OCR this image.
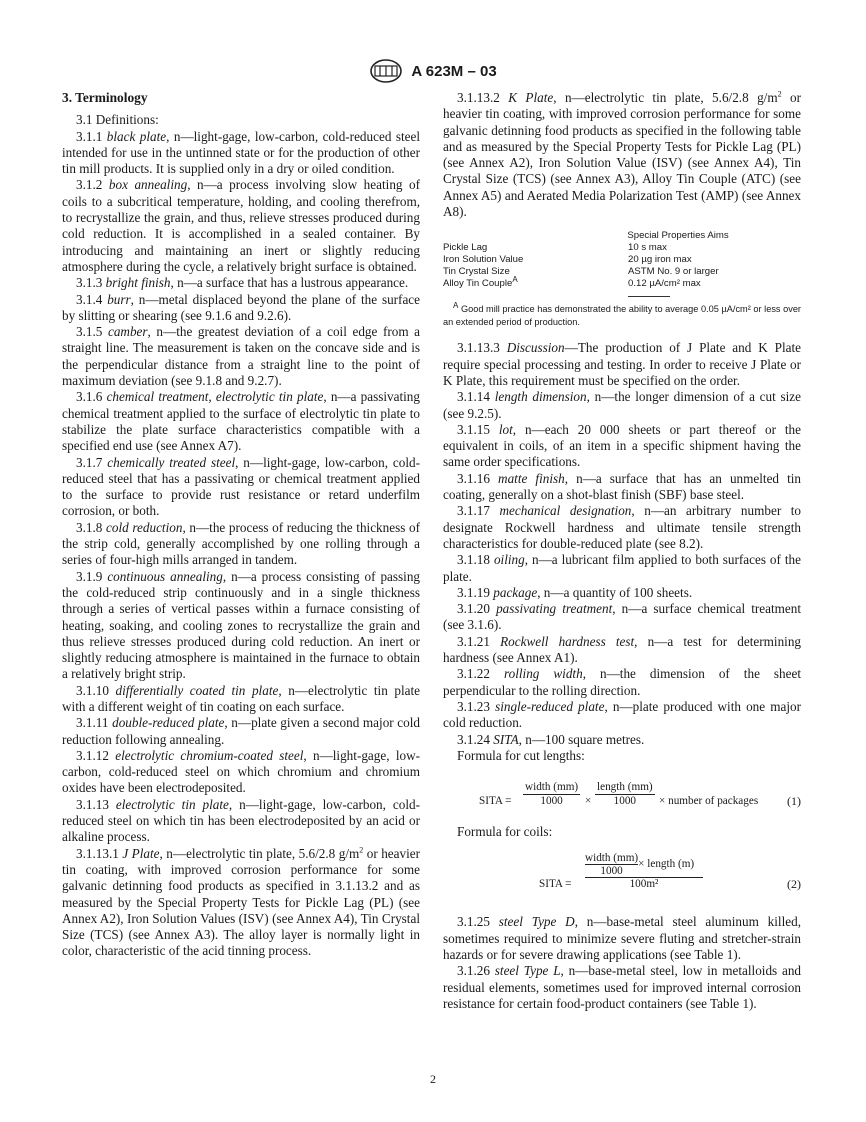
A 623M – 03
3. Terminology

3.1 Definitions:

3.1.1 black plate, n—light-gage, low-carbon, cold-reduced steel intended for use in the untinned state or for the production of other tin mill products. It is supplied only in a dry or oiled condition.

3.1.2 box annealing, n—a process involving slow heating of coils to a subcritical temperature, holding, and cooling therefrom, to recrystallize the grain, and thus, relieve stresses produced during cold reduction. It is accomplished in a sealed container. By introducing and maintaining an inert or slightly reducing atmosphere during the cycle, a relatively bright surface is obtained.

3.1.3 bright finish, n—a surface that has a lustrous appearance.

3.1.4 burr, n—metal displaced beyond the plane of the surface by slitting or shearing (see 9.1.6 and 9.2.6).

3.1.5 camber, n—the greatest deviation of a coil edge from a straight line. The measurement is taken on the concave side and is the perpendicular distance from a straight line to the point of maximum deviation (see 9.1.8 and 9.2.7).

3.1.6 chemical treatment, electrolytic tin plate, n—a passivating chemical treatment applied to the surface of electrolytic tin plate to stabilize the plate surface characteristics compatible with a specified end use (see Annex A7).

3.1.7 chemically treated steel, n—light-gage, low-carbon, cold-reduced steel that has a passivating or chemical treatment applied to the surface to provide rust resistance or retard underfilm corrosion, or both.

3.1.8 cold reduction, n—the process of reducing the thickness of the strip cold, generally accomplished by one rolling through a series of four-high mills arranged in tandem.

3.1.9 continuous annealing, n—a process consisting of passing the cold-reduced strip continuously and in a single thickness through a series of vertical passes within a furnace consisting of heating, soaking, and cooling zones to recrystallize the grain and thus relieve stresses produced during cold reduction. An inert or slightly reducing atmosphere is maintained in the furnace to obtain a relatively bright strip.

3.1.10 differentially coated tin plate, n—electrolytic tin plate with a different weight of tin coating on each surface.

3.1.11 double-reduced plate, n—plate given a second major cold reduction following annealing.

3.1.12 electrolytic chromium-coated steel, n—light-gage, low-carbon, cold-reduced steel on which chromium and chromium oxides have been electrodeposited.

3.1.13 electrolytic tin plate, n—light-gage, low-carbon, cold-reduced steel on which tin has been electrodeposited by an acid or alkaline process.

3.1.13.1 J Plate, n—electrolytic tin plate, 5.6/2.8 $g/m^2$ or heavier tin coating, with improved corrosion performance for some galvanic detinning food products as specified in 3.1.13.2 and as measured by the Special Property Tests for Pickle Lag (PL) (see Annex A2), Iron Solution Values (ISV) (see Annex A4), Tin Crystal Size (TCS) (see Annex A3). The alloy layer is normally light in color, characteristic of the acid tinning process.

3.1.13.2 K Plate, n—electrolytic tin plate, 5.6/2.8 $g/m^2$ or heavier tin coating, with improved corrosion performance for some galvanic detinning food products as specified in the following table and as measured by the Special Property Tests for Pickle Lag (PL) (see Annex A2), Iron Solution Value (ISV) (see Annex A4), Tin Crystal Size (TCS) (see Annex A3), Alloy Tin Couple (ATC) (see Annex A5) and Aerated Media Polarization Test (AMP) (see Annex A8).

Special Properties Aims
Pickle Lag	10 s max
Iron Solution Value	20 µg iron max
Tin Crystal Size	ASTM No. 9 or larger
Alloy Tin Couple$^A$	0.12 µA/cm² max
$^A$ Good mill practice has demonstrated the ability to average 0.05 µA/cm² or less over an extended period of production.

3.1.13.3 Discussion—The production of J Plate and K Plate require special processing and testing. In order to receive J Plate or K Plate, this requirement must be specified on the order.

3.1.14 length dimension, n—the longer dimension of a cut size (see 9.2.5).

3.1.15 lot, n—each 20 000 sheets or part thereof or the equivalent in coils, of an item in a specific shipment having the same order specifications.

3.1.16 matte finish, n—a surface that has an unmelted tin coating, generally on a shot-blast finish (SBF) base steel.

3.1.17 mechanical designation, n—an arbitrary number to designate Rockwell hardness and ultimate tensile strength characteristics for double-reduced plate (see 8.2).

3.1.18 oiling, n—a lubricant film applied to both surfaces of the plate.

3.1.19 package, n—a quantity of 100 sheets.

3.1.20 passivating treatment, n—a surface chemical treatment (see 3.1.6).

3.1.21 Rockwell hardness test, n—a test for determining hardness (see Annex A1).

3.1.22 rolling width, n—the dimension of the sheet perpendicular to the rolling direction.

3.1.23 single-reduced plate, n—plate produced with one major cold reduction.

3.1.24 SITA, n—100 square metres.

Formula for cut lengths:

SITA =
width (mm)
1000	×
length (mm)
1000	× number of packages (1)

Formula for coils:

SITA =
width (mm)
1000
× length (m)
100m²	(2)

3.1.25 steel Type D, n—base-metal steel aluminum killed, sometimes required to minimize severe fluting and stretcher-strain hazards or for severe drawing applications (see Table 1).

3.1.26 steel Type L, n—base-metal steel, low in metalloids and residual elements, sometimes used for improved internal corrosion resistance for certain food-product containers (see Table 1).

2
